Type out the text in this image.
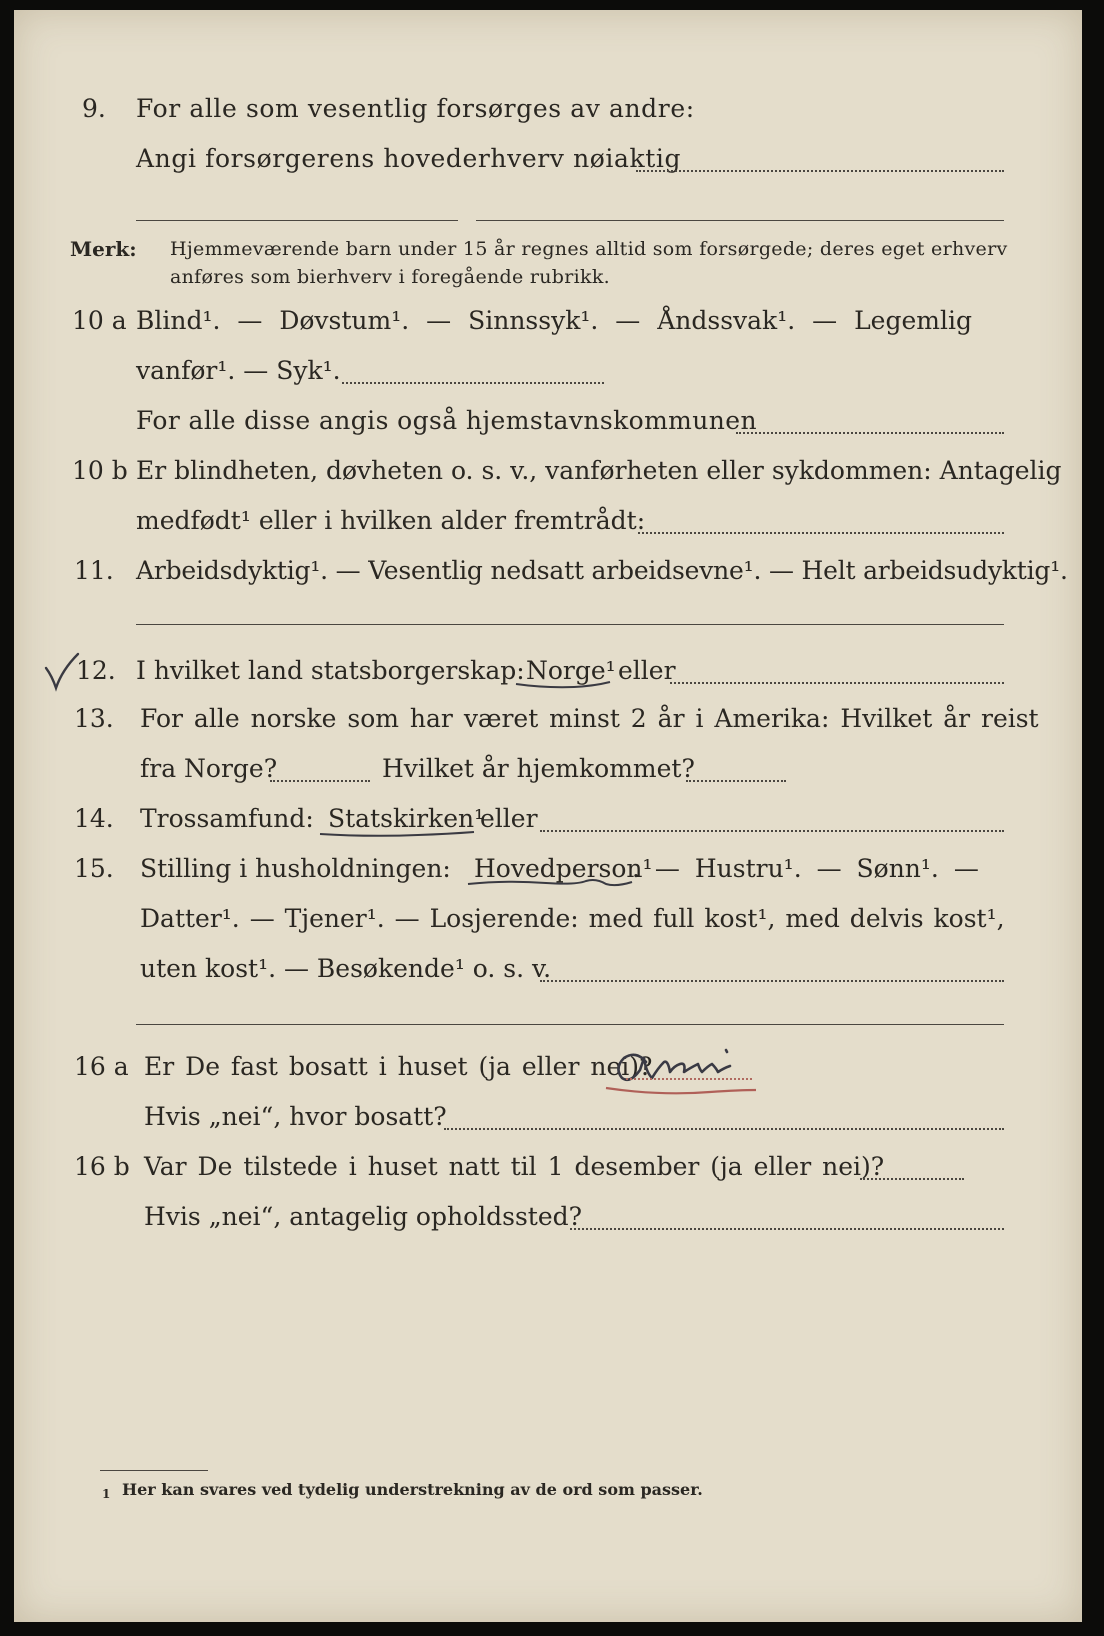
9. For alle som vesentlig forsørges av andre:
Angi forsørgerens hovederhverv nøiaktig
Merk: Hjemmeværende barn under 15 år regnes alltid som forsørgede; deres eget erhverv
anføres som bierhverv i foregående rubrikk.
10 a Blind¹. — Døvstum¹. — Sinnssyk¹. — Åndssvak¹. — Legemlig
vanfør¹. — Syk¹.
For alle disse angis også hjemstavnskommunen
10 b Er blindheten, døvheten o. s. v., vanførheten eller sykdommen: Antagelig
medfødt¹ eller i hvilken alder fremtrådt:
11. Arbeidsdyktig¹. — Vesentlig nedsatt arbeidsevne¹. — Helt arbeidsudyktig¹.
12. I hvilket land statsborgerskap: Norge¹ eller
13. For alle norske som har været minst 2 år i Amerika: Hvilket år reist
fra Norge?	Hvilket år hjemkommet?
14. Trossamfund: Statskirken¹
eller
15. Stilling i husholdningen: Hovedperson¹
. — Hustru¹. — Sønn¹. —
Datter¹. — Tjener¹. — Losjerende: med full kost¹, med delvis kost¹,
uten kost¹. — Besøkende¹ o. s. v.
16 a Er De fast bosatt i huset (ja eller nei)?
Hvis „nei“, hvor bosatt?
16 b Var De tilstede i huset natt til 1 desember (ja eller nei)?
Hvis „nei“, antagelig opholdssted?
1 Her kan svares ved tydelig understrekning av de ord som passer.
